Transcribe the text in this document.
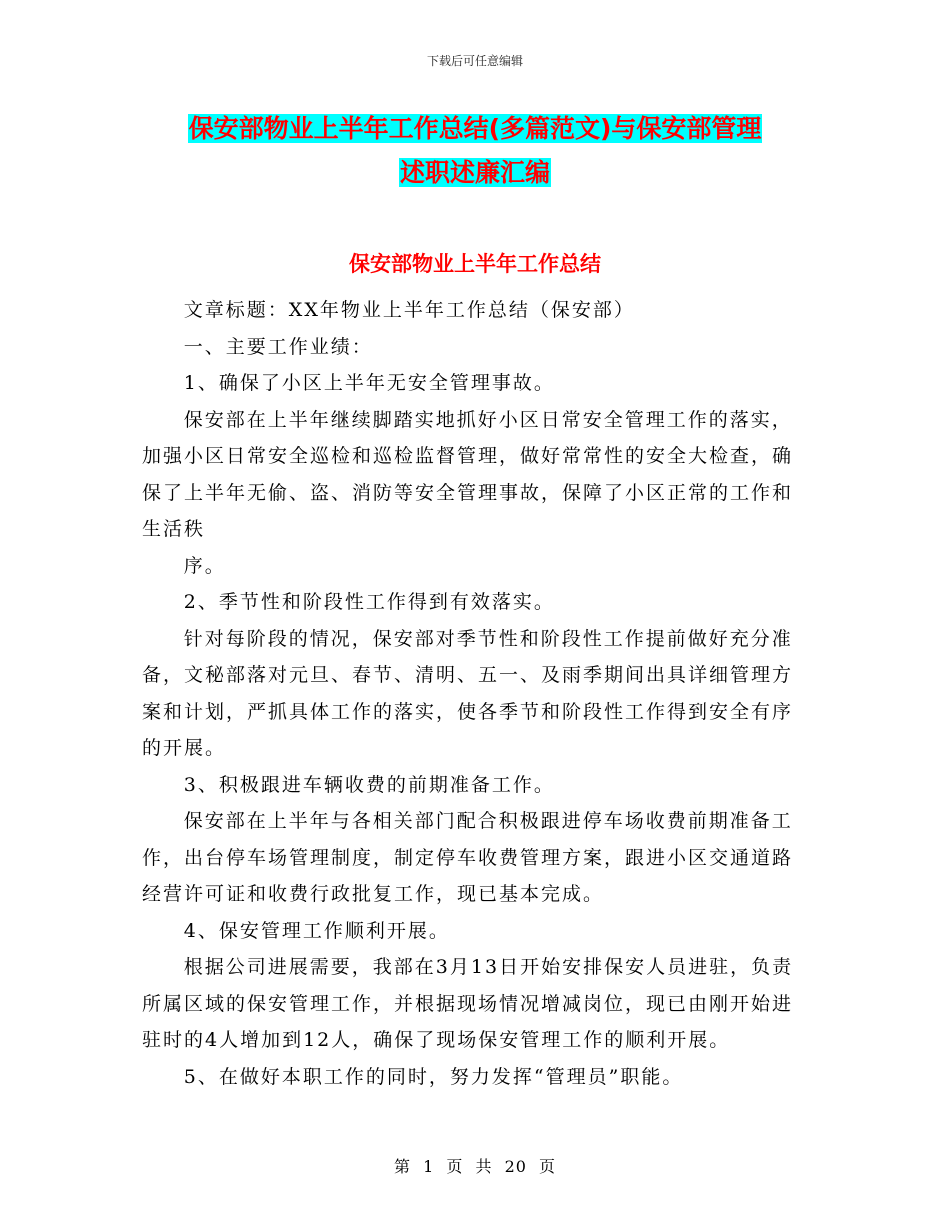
下载后可任意编辑
保安部物业上半年工作总结(多篇范文)与保安部管理
述职述廉汇编
保安部物业上半年工作总结

文章标题：XX年物业上半年工作总结（保安部）

一、主要工作业绩：

1、确保了小区上半年无安全管理事故。

保安部在上半年继续脚踏实地抓好小区日常安全管理工作的落实，加强小区日常安全巡检和巡检监督管理，做好常常性的安全大检查，确保了上半年无偷、盗、消防等安全管理事故，保障了小区正常的工作和生活秩

序。

2、季节性和阶段性工作得到有效落实。

针对每阶段的情况，保安部对季节性和阶段性工作提前做好充分准备，文秘部落对元旦、春节、清明、五一、及雨季期间出具详细管理方案和计划，严抓具体工作的落实，使各季节和阶段性工作得到安全有序的开展。

3、积极跟进车辆收费的前期准备工作。

保安部在上半年与各相关部门配合积极跟进停车场收费前期准备工作，出台停车场管理制度，制定停车收费管理方案，跟进小区交通道路经营许可证和收费行政批复工作，现已基本完成。

4、保安管理工作顺利开展。

根据公司进展需要，我部在3月13日开始安排保安人员进驻，负责所属区域的保安管理工作，并根据现场情况增减岗位，现已由刚开始进驻时的4人增加到12人，确保了现场保安管理工作的顺利开展。

5、在做好本职工作的同时，努力发挥“管理员”职能。

第 1 页 共 20 页
